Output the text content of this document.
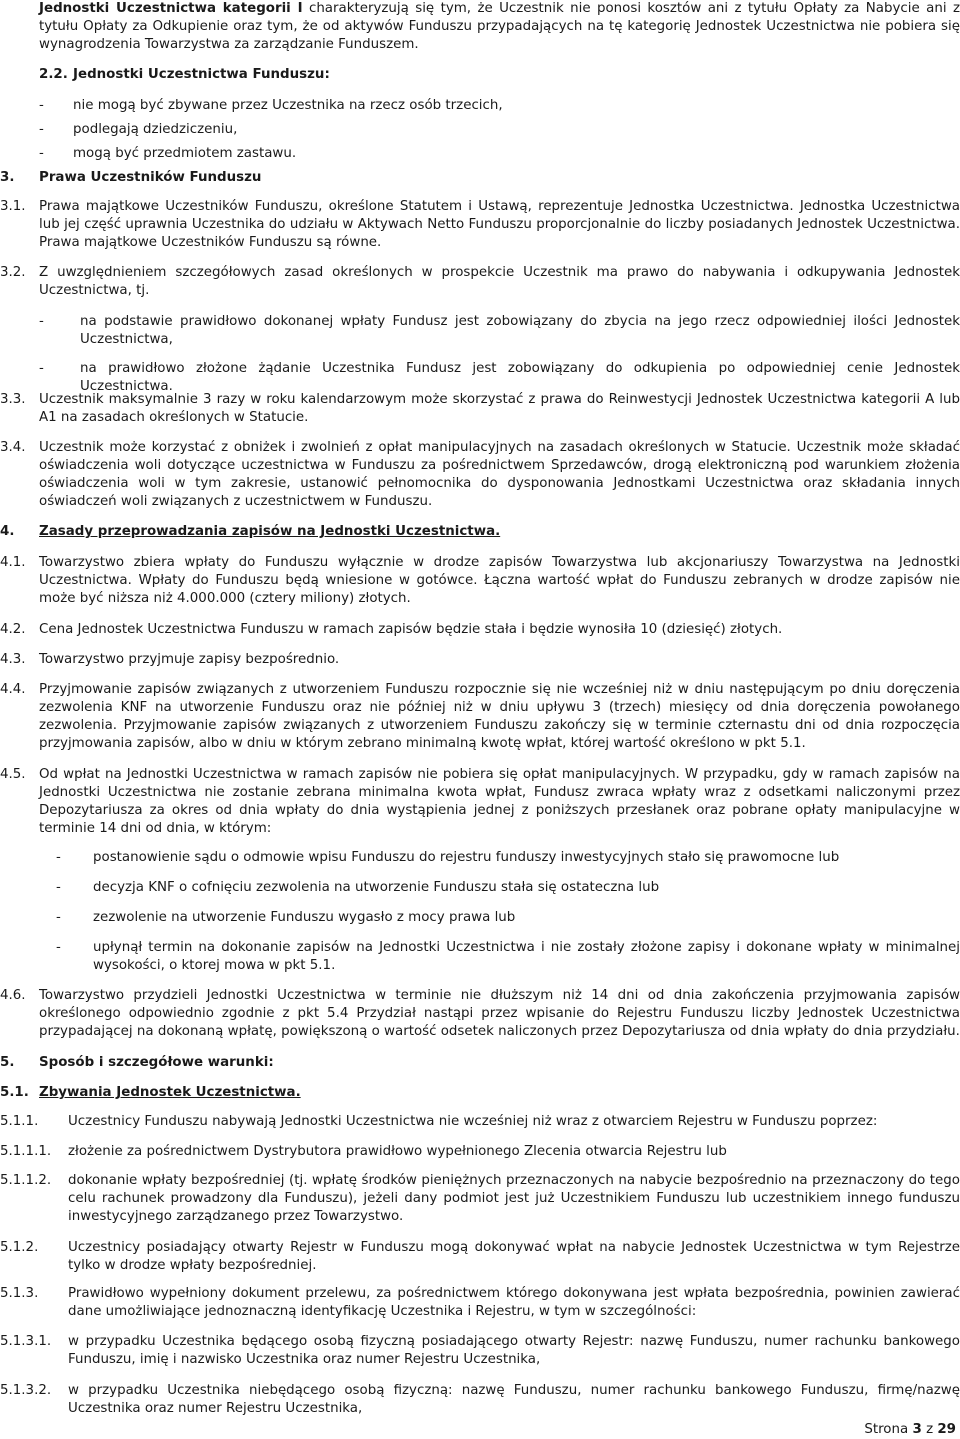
Jednostki Uczestnictwa kategorii I charakteryzują się tym, że Uczestnik nie ponosi kosztów ani z tytułu Opłaty za Nabycie ani z tytułu Opłaty za Odkupienie oraz tym, że od aktywów Funduszu przypadających na tę kategorię Jednostek Uczestnictwa nie pobiera się wynagrodzenia Towarzystwa za zarządzanie Funduszem.
2.2. Jednostki Uczestnictwa Funduszu:
- nie mogą być zbywane przez Uczestnika na rzecz osób trzecich,
- podlegają dziedziczeniu,
- mogą być przedmiotem zastawu.
3. Prawa Uczestników Funduszu
3.1. Prawa majątkowe Uczestników Funduszu, określone Statutem i Ustawą, reprezentuje Jednostka Uczestnictwa. Jednostka Uczestnictwa lub jej część uprawnia Uczestnika do udziału w Aktywach Netto Funduszu proporcjonalnie do liczby posiadanych Jednostek Uczestnictwa. Prawa majątkowe Uczestników Funduszu są równe.
3.2. Z uwzględnieniem szczegółowych zasad określonych w prospekcie Uczestnik ma prawo do nabywania i odkupywania Jednostek Uczestnictwa, tj.
-	na podstawie prawidłowo dokonanej wpłaty Fundusz jest zobowiązany do zbycia na jego rzecz odpowiedniej ilości Jednostek Uczestnictwa,
-	na prawidłowo złożone żądanie Uczestnika Fundusz jest zobowiązany do odkupienia po odpowiedniej cenie Jednostek Uczestnictwa.
3.3. Uczestnik maksymalnie 3 razy w roku kalendarzowym może skorzystać z prawa do Reinwestycji Jednostek Uczestnictwa kategorii A lub A1 na zasadach określonych w Statucie.
3.4. Uczestnik może korzystać z obniżek i zwolnień z opłat manipulacyjnych na zasadach określonych w Statucie. Uczestnik może składać oświadczenia woli dotyczące uczestnictwa w Funduszu za pośrednictwem Sprzedawców, drogą elektroniczną pod warunkiem złożenia oświadczenia woli w tym zakresie, ustanowić pełnomocnika do dysponowania Jednostkami Uczestnictwa oraz składania innych oświadczeń woli związanych z uczestnictwem w Funduszu.
4. Zasady przeprowadzania zapisów na Jednostki Uczestnictwa.
4.1. Towarzystwo zbiera wpłaty do Funduszu wyłącznie w drodze zapisów Towarzystwa lub akcjonariuszy Towarzystwa na Jednostki Uczestnictwa. Wpłaty do Funduszu będą wniesione w gotówce. Łączna wartość wpłat do Funduszu zebranych w drodze zapisów nie może być niższa niż 4.000.000 (cztery miliony) złotych.
4.2. Cena Jednostek Uczestnictwa Funduszu w ramach zapisów będzie stała i będzie wynosiła 10 (dziesięć) złotych.
4.3. Towarzystwo przyjmuje zapisy bezpośrednio.
4.4. Przyjmowanie zapisów związanych z utworzeniem Funduszu rozpocznie się nie wcześniej niż w dniu następującym po dniu doręczenia zezwolenia KNF na utworzenie Funduszu oraz nie później niż w dniu upływu 3 (trzech) miesięcy od dnia doręczenia powołanego zezwolenia. Przyjmowanie zapisów związanych z utworzeniem Funduszu zakończy się w terminie czternastu dni od dnia rozpoczęcia przyjmowania zapisów, albo w dniu w którym zebrano minimalną kwotę wpłat, której wartość określono w pkt 5.1.
4.5. Od wpłat na Jednostki Uczestnictwa w ramach zapisów nie pobiera się opłat manipulacyjnych. W przypadku, gdy w ramach zapisów na Jednostki Uczestnictwa nie zostanie zebrana minimalna kwota wpłat, Fundusz zwraca wpłaty wraz z odsetkami naliczonymi przez Depozytariusza za okres od dnia wpłaty do dnia wystąpienia jednej z poniższych przesłanek oraz pobrane opłaty manipulacyjne w terminie 14 dni od dnia, w którym:
- postanowienie sądu o odmowie wpisu Funduszu do rejestru funduszy inwestycyjnych stało się prawomocne lub
- decyzja KNF o cofnięciu zezwolenia na utworzenie Funduszu stała się ostateczna lub
- zezwolenie na utworzenie Funduszu wygasło z mocy prawa lub
- upłynął termin na dokonanie zapisów na Jednostki Uczestnictwa i nie zostały złożone zapisy i dokonane wpłaty w minimalnej wysokości, o ktorej mowa w pkt 5.1.
4.6. Towarzystwo przydzieli Jednostki Uczestnictwa w terminie nie dłuższym niż 14 dni od dnia zakończenia przyjmowania zapisów określonego odpowiednio zgodnie z pkt 5.4 Przydział nastąpi przez wpisanie do Rejestru Funduszu liczby Jednostek Uczestnictwa przypadającej na dokonaną wpłatę, powiększoną o wartość odsetek naliczonych przez Depozytariusza od dnia wpłaty do dnia przydziału.
5. Sposób i szczegółowe warunki:
5.1. Zbywania Jednostek Uczestnictwa.
5.1.1. Uczestnicy Funduszu nabywają Jednostki Uczestnictwa nie wcześniej niż wraz z otwarciem Rejestru w Funduszu poprzez:
5.1.1.1. złożenie za pośrednictwem Dystrybutora prawidłowo wypełnionego Zlecenia otwarcia Rejestru lub
5.1.1.2. dokonanie wpłaty bezpośredniej (tj. wpłatę środków pieniężnych przeznaczonych na nabycie bezpośrednio na przeznaczony do tego celu rachunek prowadzony dla Funduszu), jeżeli dany podmiot jest już Uczestnikiem Funduszu lub uczestnikiem innego funduszu inwestycyjnego zarządzanego przez Towarzystwo.
5.1.2. Uczestnicy posiadający otwarty Rejestr w Funduszu mogą dokonywać wpłat na nabycie Jednostek Uczestnictwa w tym Rejestrze tylko w drodze wpłaty bezpośredniej.
5.1.3. Prawidłowo wypełniony dokument przelewu, za pośrednictwem którego dokonywana jest wpłata bezpośrednia, powinien zawierać dane umożliwiające jednoznaczną identyfikację Uczestnika i Rejestru, w tym w szczególności:
5.1.3.1. w przypadku Uczestnika będącego osobą fizyczną posiadającego otwarty Rejestr: nazwę Funduszu, numer rachunku bankowego Funduszu, imię i nazwisko Uczestnika oraz numer Rejestru Uczestnika,
5.1.3.2. w przypadku Uczestnika niebędącego osobą fizyczną: nazwę Funduszu, numer rachunku bankowego Funduszu, firmę/nazwę Uczestnika oraz numer Rejestru Uczestnika,
Strona 3 z 29
